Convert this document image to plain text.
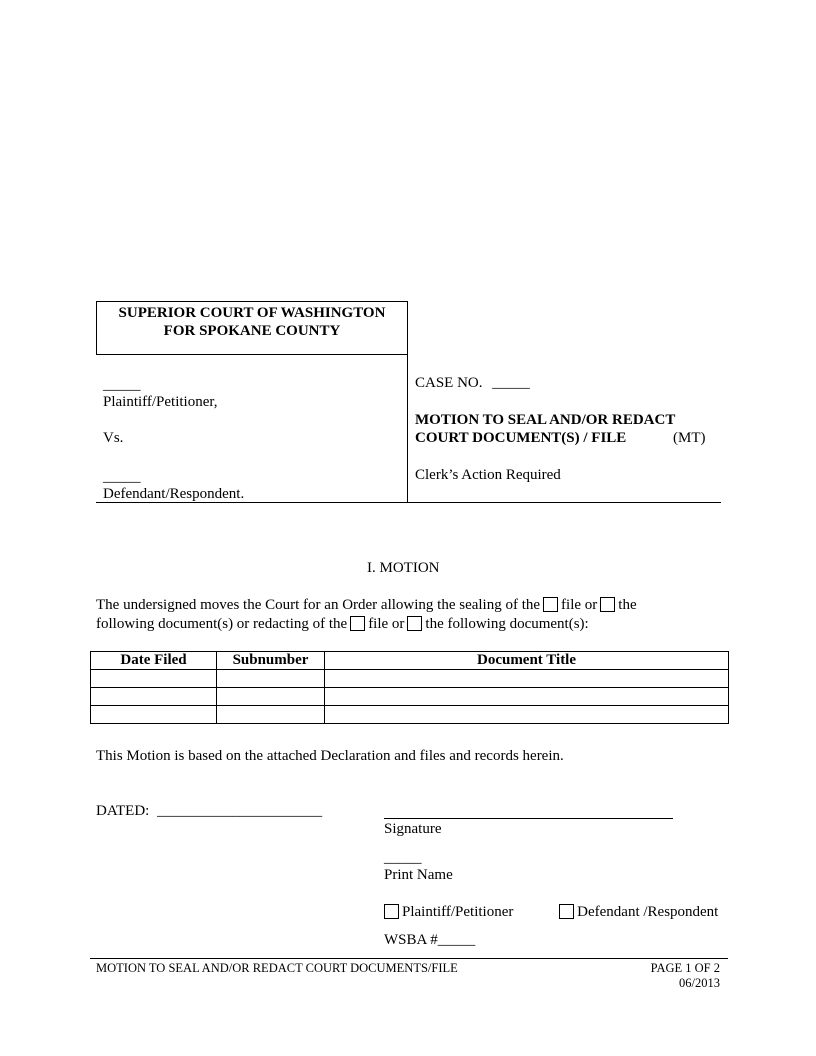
SUPERIOR COURT OF WASHINGTON
FOR SPOKANE COUNTY
_____
Plaintiff/Petitioner,
Vs.
_____
Defendant/Respondent.
CASE NO. _____
MOTION TO SEAL AND/OR REDACT
COURT DOCUMENT(S) / FILE	(MT)
Clerk’s Action Required
I. MOTION
The undersigned moves the Court for an Order allowing the sealing of the file or the
following document(s) or redacting of the file or the following document(s):
Date Filed	Subnumber	Document Title

This Motion is based on the attached Declaration and files and records herein.
DATED: ______________________
Signature
_____
Print Name
Plaintiff/Petitioner	Defendant /Respondent
WSBA #_____
MOTION TO SEAL AND/OR REDACT COURT DOCUMENTS/FILE	PAGE 1 OF 2
06/2013
